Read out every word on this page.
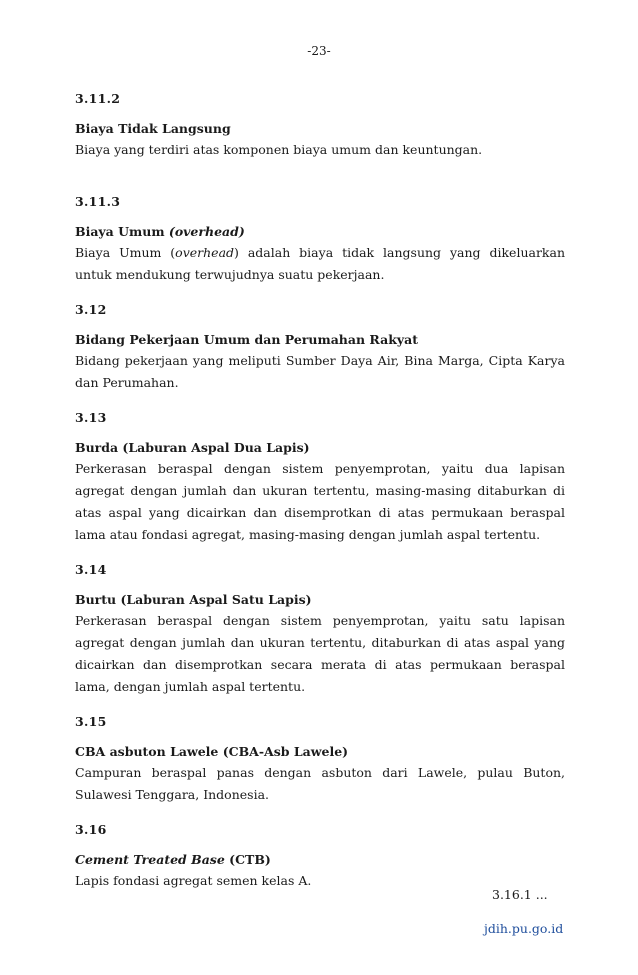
-23-

3.11.2

Biaya Tidak Langsung

Biaya yang terdiri atas komponen biaya umum dan keuntungan.

3.11.3

Biaya Umum (overhead)

Biaya Umum (overhead) adalah biaya tidak langsung yang dikeluarkan untuk mendukung terwujudnya suatu pekerjaan.

3.12

Bidang Pekerjaan Umum dan Perumahan Rakyat

Bidang pekerjaan yang meliputi Sumber Daya Air, Bina Marga, Cipta Karya dan Perumahan.

3.13

Burda (Laburan Aspal Dua Lapis)

Perkerasan beraspal dengan sistem penyemprotan, yaitu dua lapisan agregat dengan jumlah dan ukuran tertentu, masing-masing ditaburkan di atas aspal yang dicairkan dan disemprotkan di atas permukaan beraspal lama atau fondasi agregat, masing-masing dengan jumlah aspal tertentu.

3.14

Burtu (Laburan Aspal Satu Lapis)

Perkerasan beraspal dengan sistem penyemprotan, yaitu satu lapisan agregat dengan jumlah dan ukuran tertentu, ditaburkan di atas aspal yang dicairkan dan disemprotkan secara merata di atas permukaan beraspal lama, dengan jumlah aspal tertentu.

3.15

CBA asbuton Lawele (CBA-Asb Lawele)

Campuran beraspal panas dengan asbuton dari Lawele, pulau Buton, Sulawesi Tenggara, Indonesia.

3.16

Cement Treated Base (CTB)

Lapis fondasi agregat semen kelas A.

3.16.1 ...
jdih.pu.go.id
